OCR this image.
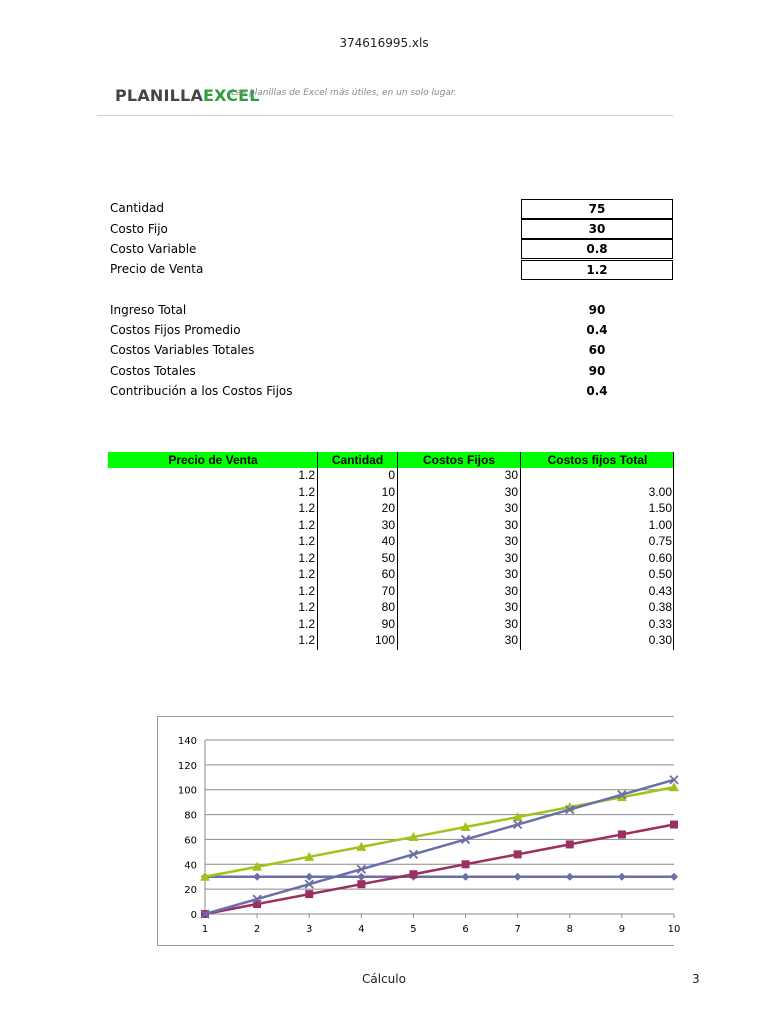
374616995.xls
PLANILLAEXCEL
Las planillas de Excel más útiles, en un solo lugar.
Cantidad	75
Costo Fijo	30
Costo Variable	0.8
Precio de Venta	1.2
Ingreso Total	90
Costos Fijos Promedio	0.4
Costos Variables Totales	60
Costos Totales	90
Contribución a los Costos Fijos	0.4
Precio de Venta	Cantidad	Costos Fijos	Costos fijos Total
1.2	0	30
1.2	10	30	3.00
1.2	20	30	1.50
1.2	30	30	1.00
1.2	40	30	0.75
1.2	50	30	0.60
1.2	60	30	0.50
1.2	70	30	0.43
1.2	80	30	0.38
1.2	90	30	0.33
1.2	100	30	0.30
0
20
40
60
80
100
120
140
1	2	3	4	5	6	7	8	9	10
Cálculo	3
